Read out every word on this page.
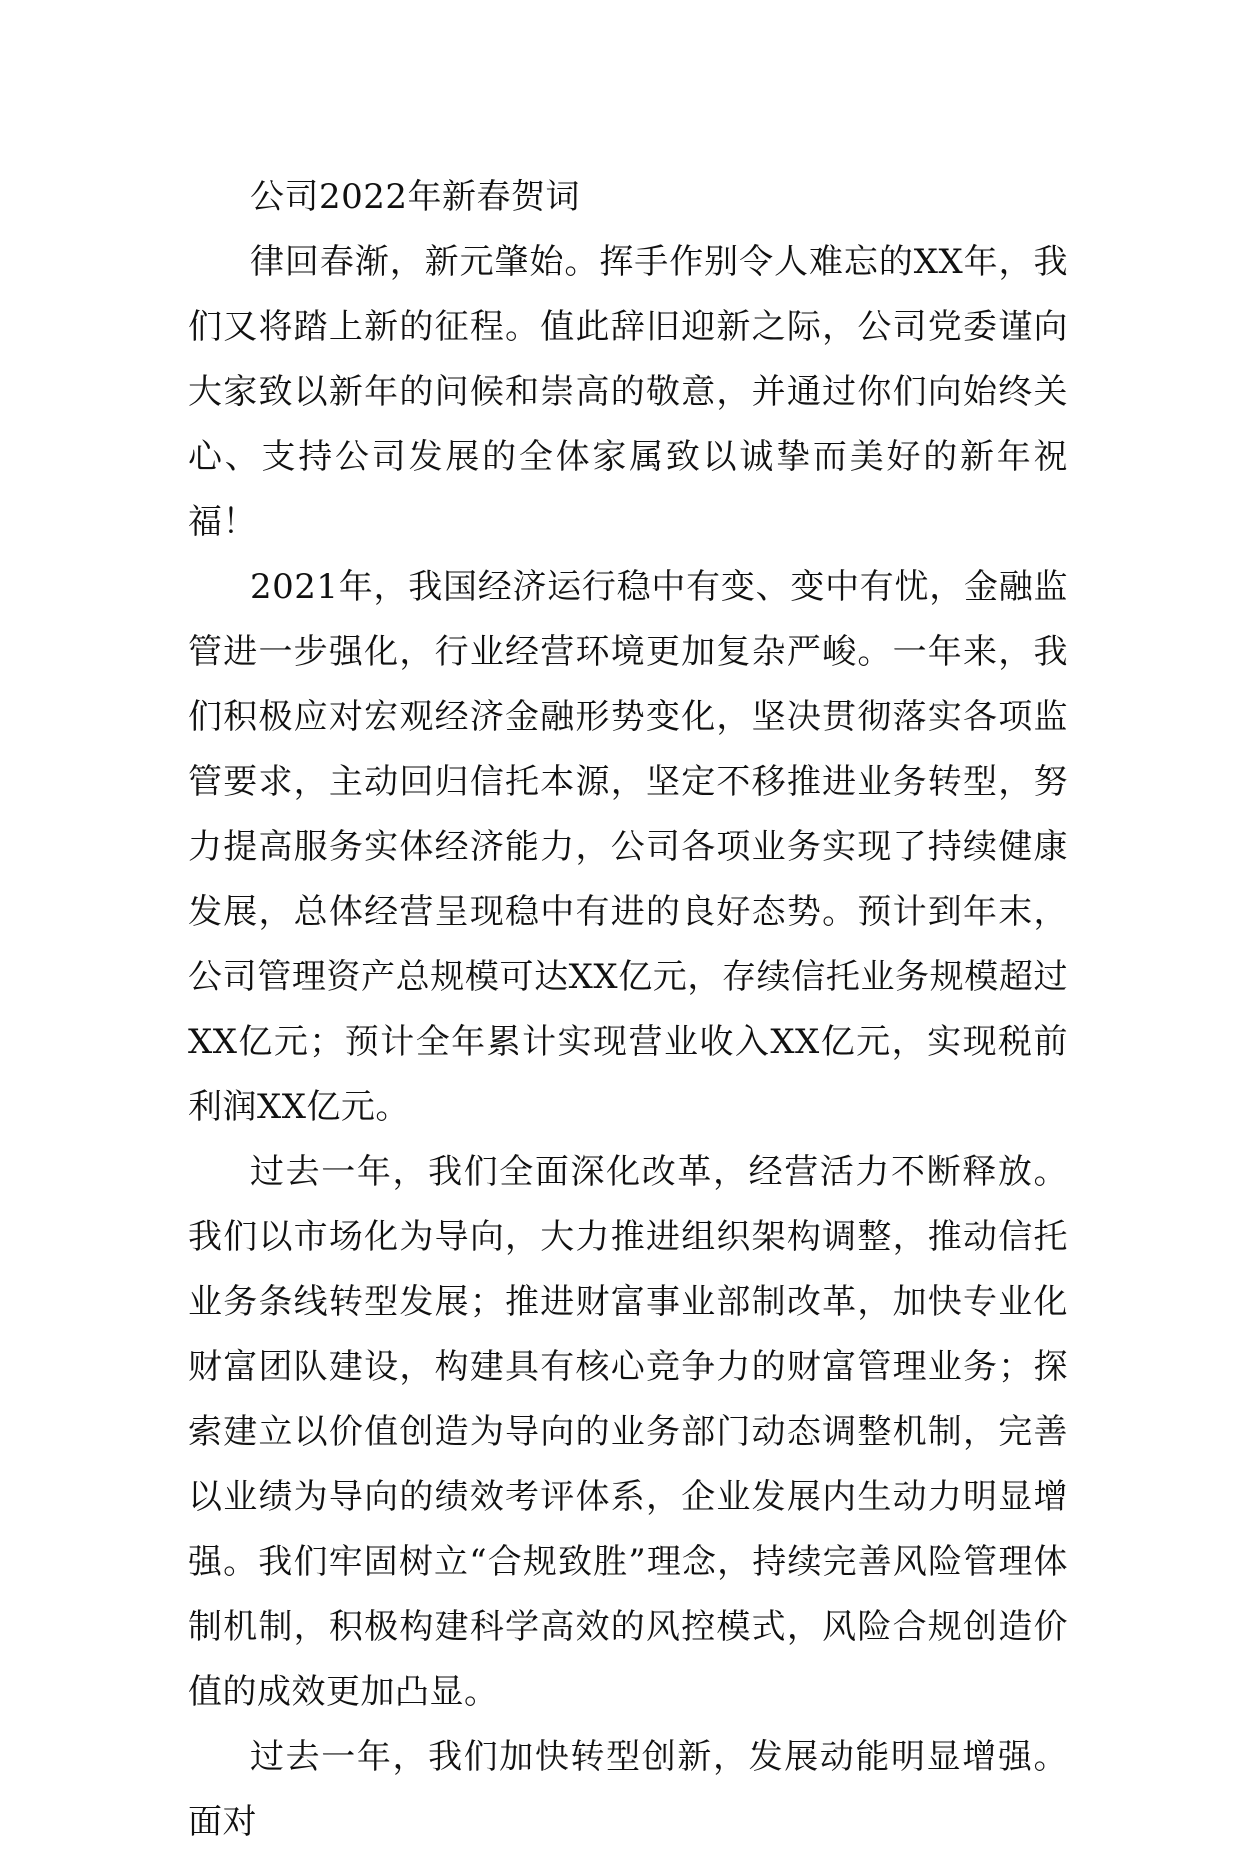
公司2022年新春贺词

律回春渐，新元肇始。挥手作别令人难忘的XX年，我们又将踏上新的征程。值此辞旧迎新之际，公司党委谨向大家致以新年的问候和崇高的敬意，并通过你们向始终关心、支持公司发展的全体家属致以诚挚而美好的新年祝福！

2021年，我国经济运行稳中有变、变中有忧，金融监管进一步强化，行业经营环境更加复杂严峻。一年来，我们积极应对宏观经济金融形势变化，坚决贯彻落实各项监管要求，主动回归信托本源，坚定不移推进业务转型，努力提高服务实体经济能力，公司各项业务实现了持续健康发展，总体经营呈现稳中有进的良好态势。预计到年末，公司管理资产总规模可达XX亿元，存续信托业务规模超过XX亿元；预计全年累计实现营业收入XX亿元，实现税前利润XX亿元。

过去一年，我们全面深化改革，经营活力不断释放。我们以市场化为导向，大力推进组织架构调整，推动信托业务条线转型发展；推进财富事业部制改革，加快专业化财富团队建设，构建具有核心竞争力的财富管理业务；探索建立以价值创造为导向的业务部门动态调整机制，完善以业绩为导向的绩效考评体系，企业发展内生动力明显增强。我们牢固树立“合规致胜”理念，持续完善风险管理体制机制，积极构建科学高效的风控模式，风险合规创造价值的成效更加凸显。

过去一年，我们加快转型创新，发展动能明显增强。面对
